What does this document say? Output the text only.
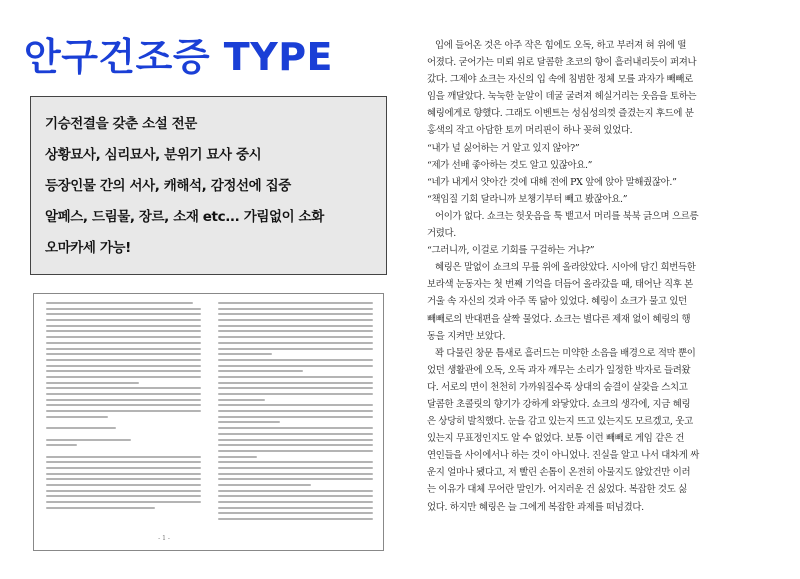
안구건조증 TYPE
기승전결을 갖춘 소설 전문
상황묘사, 심리묘사, 분위기 묘사 중시
등장인물 간의 서사, 캐해석, 감정선에 집중
알페스, 드림물, 장르, 소재 etc... 가림없이 소화
오마카세 가능!
- 1 -

입에 들어온 것은 아주 작은 힘에도 오독, 하고 부러져 혀 위에 떨

어졌다. 굳어가는 미뢰 위로 달콤한 초코의 향이 흘러내리듯이 퍼져나

갔다. 그제야 쇼크는 자신의 입 속에 침범한 정체 모를 과자가 빼빼로

임을 깨달았다. 눅눅한 눈알이 데굴 굴려져 헤실거리는 웃음을 토하는

혜링에게로 향했다. 그래도 이벤트는 성심성의껏 즐겼는지 후드에 분

홍색의 작고 아담한 토끼 머리핀이 하나 꽂혀 있었다.

“내가 널 싫어하는 거 알고 있지 않아?”

“제가 선배 좋아하는 것도 알고 있잖아요.”

“네가 내게서 얏아간 것에 대해 전에 PX 앞에 앉아 말해줬잖아.”

“책임질 기회 달라니까 보챙기부터 빼고 봤잖아요.”

어이가 없다. 쇼크는 헛웃음을 툭 뱉고서 머리를 북북 긁으며 으르릉

거렸다.

“그러니까, 이걸로 기회를 구걸하는 거냐?”

혜링은 말없이 쇼크의 무릎 위에 올라앉았다. 시아에 담긴 희번득한

보라색 눈동자는 첫 번째 기억을 더듬어 올라갔을 때, 태어난 직후 본

거울 속 자신의 것과 아주 똑 닮아 있었다. 혜링이 쇼크가 물고 있던

빼빼로의 반대편을 살짝 물었다. 쇼크는 별다른 제재 없이 혜링의 행

동을 지켜만 보았다.

꽉 다물린 창문 틈새로 흘러드는 미약한 소음을 배경으로 적막 뿐이

었던 생활관에 오독, 오독 과자 깨무는 소리가 일정한 박자로 들려왔

다. 서로의 면이 천천히 가까워질수록 상대의 숨결이 살갗을 스치고

달콤한 초콜릿의 향기가 강하게 와닿았다. 쇼크의 생각에, 지금 혜링

은 상당히 발칙했다. 눈을 감고 있는지 뜨고 있는지도 모르겠고, 웃고

있는지 무표정인지도 알 수 없었다. 보통 이런 빼빼로 게임 같은 건

연인들을 사이에서나 하는 것이 아니었나. 진실을 알고 나서 대차게 싸

운지 얼마나 됐다고, 저 빨린 손톱이 온전히 아물지도 않았건만 이러

는 이유가 대체 무어란 말인가. 어지러운 건 싫었다. 복잡한 것도 싫

었다. 하지만 혜링은 늘 그에게 복잡한 과제를 떠넘겼다.
